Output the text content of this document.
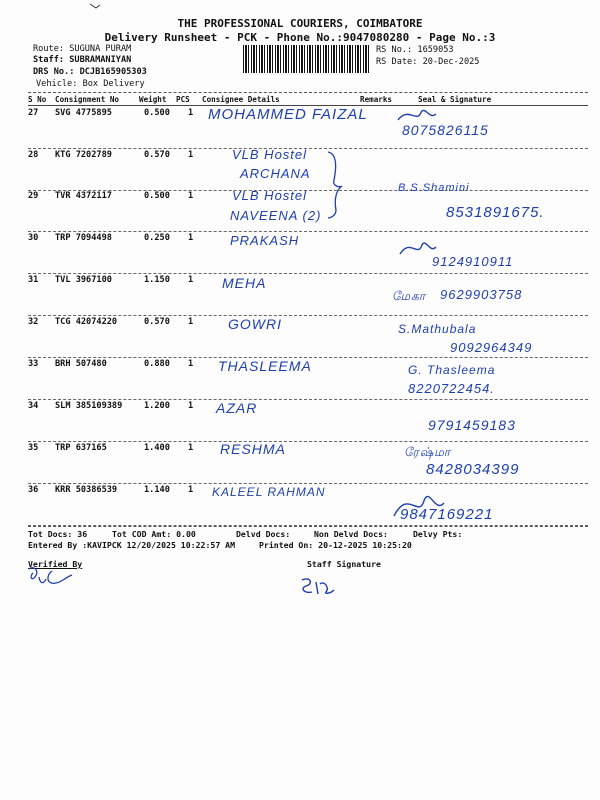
THE PROFESSIONAL COURIERS, COIMBATORE
Delivery Runsheet - PCK - Phone No.:9047080280 - Page No.:3
Route: SUGUNA PURAM
Staff: SUBRAMANIYAN
DRS No.: DCJB165905303
Vehicle: Box Delivery
RS No.: 1659053
RS Date: 20-Dec-2025
S No Consignment No	Weight PCS Consignee Details	Remarks	Seal & Signature
27 SVG 4775895	0.500 1 MOHAMMED FAIZAL
8075826115
28 KTG 7202789	0.570 1	VLB Hostel
ARCHANA
29 TVR 4372117	0.500 1	VLB Hostel
NAVEENA (2)
B.S.Shamini
8531891675.
30 TRP 7094498	0.250 1	PRAKASH
9124910911
31 TVL 3967100	1.150 1 MEHA
மேகா 9629903758
32 TCG 42074220	0.570 1 GOWRI	S.Mathubala
9092964349
33 BRH 507480	0.880 1 THASLEEMA	G. Thasleema
8220722454.
34 SLM 385109389	1.200 1 AZAR
9791459183
35 TRP 637165	1.400 1 RESHMA	ரேஷ்மா
8428034399
36 KRR 50386539	1.140 1 KALEEL RAHMAN
9847169221
Tot Docs: 36	Tot COD Amt: 0.00	Delvd Docs:	Non Delvd Docs:	Delvy Pts:
Entered By :KAVIPCK 12/20/2025 10:22:57 AM	Printed On: 20-12-2025 10:25:20
Verified By	Staff Signature
